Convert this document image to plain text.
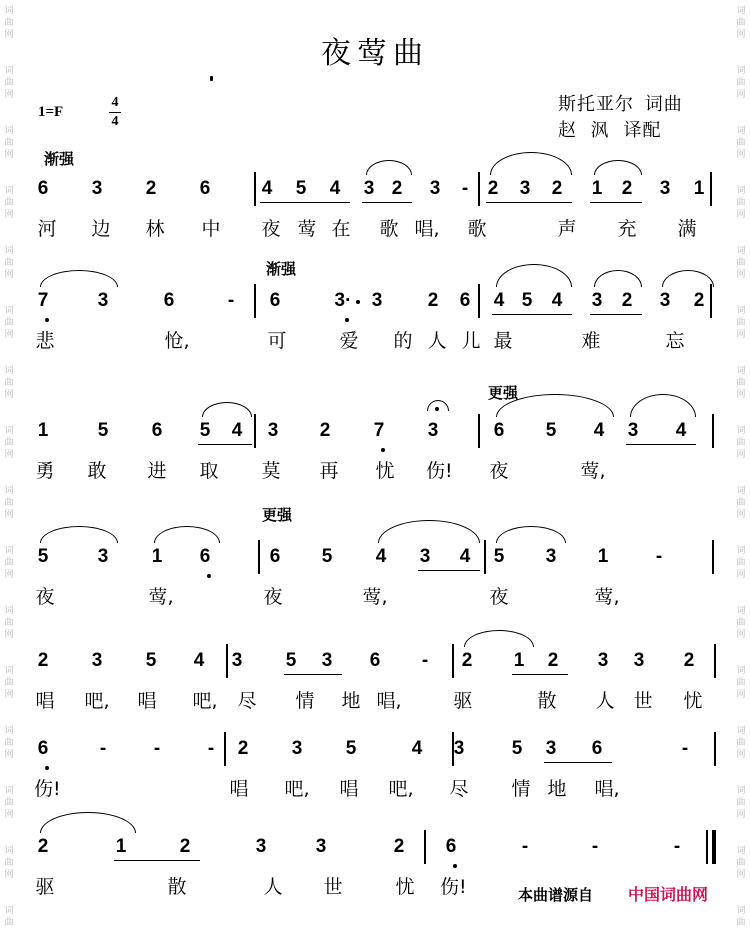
词
曲
网
词
曲
网
词
曲
网
词
曲
网
词
曲
网
词
曲
网
词
曲
网
词
曲
网
词
曲
网
词
曲
网
词
曲
网
词
曲
网
词
曲
网
词
曲
网
词
曲
网
词
曲
词
曲
网
词
曲
网
词
曲
网
词
曲
网
词
曲
网
词
曲
网
词
曲
网
词
曲
网
词
曲
网
词
曲
网
词
曲
网
词
曲
网
词
曲
网
词
曲
网
词
曲
网
词
曲
夜莺曲
1=F
4
4
斯托亚尔 词曲
赵  沨 译配
渐强
渐强
更强
更强
本曲谱源自 中国词曲网
6 3 2 6	4 5 4 3 2 3	-	2 3 2 1 2 3 1
河 边 林 中 夜 莺 在 歌 唱, 歌	声 充 满
7	3	6	-	6	3· 3 2 6 4 5 4 3 2 3 2
悲	怆,	可	爱 的 人 儿 最	难	忘
1	5 6 5 4 3 2 7 3	6 5 4 3 4
勇 敢 进 取 莫 再 忧 伤! 夜	莺,
5	3 1 6	6 5 4 3 4 5 3 1	-
夜	莺,	夜	莺,	夜	莺,
2 3 5 4 3 5 3 6	-	2 1 2 3 3 2
唱 吧, 唱 吧, 尽 情 地 唱,	驱	散 人 世 忧
6	-	-	-	2 3 5	4 3 5 3 6	-
伤!	唱 吧, 唱 吧, 尽 情 地 唱,
2	1	2	3	3	2 6	-	-	-
驱	散	人 世	忧 伤!
